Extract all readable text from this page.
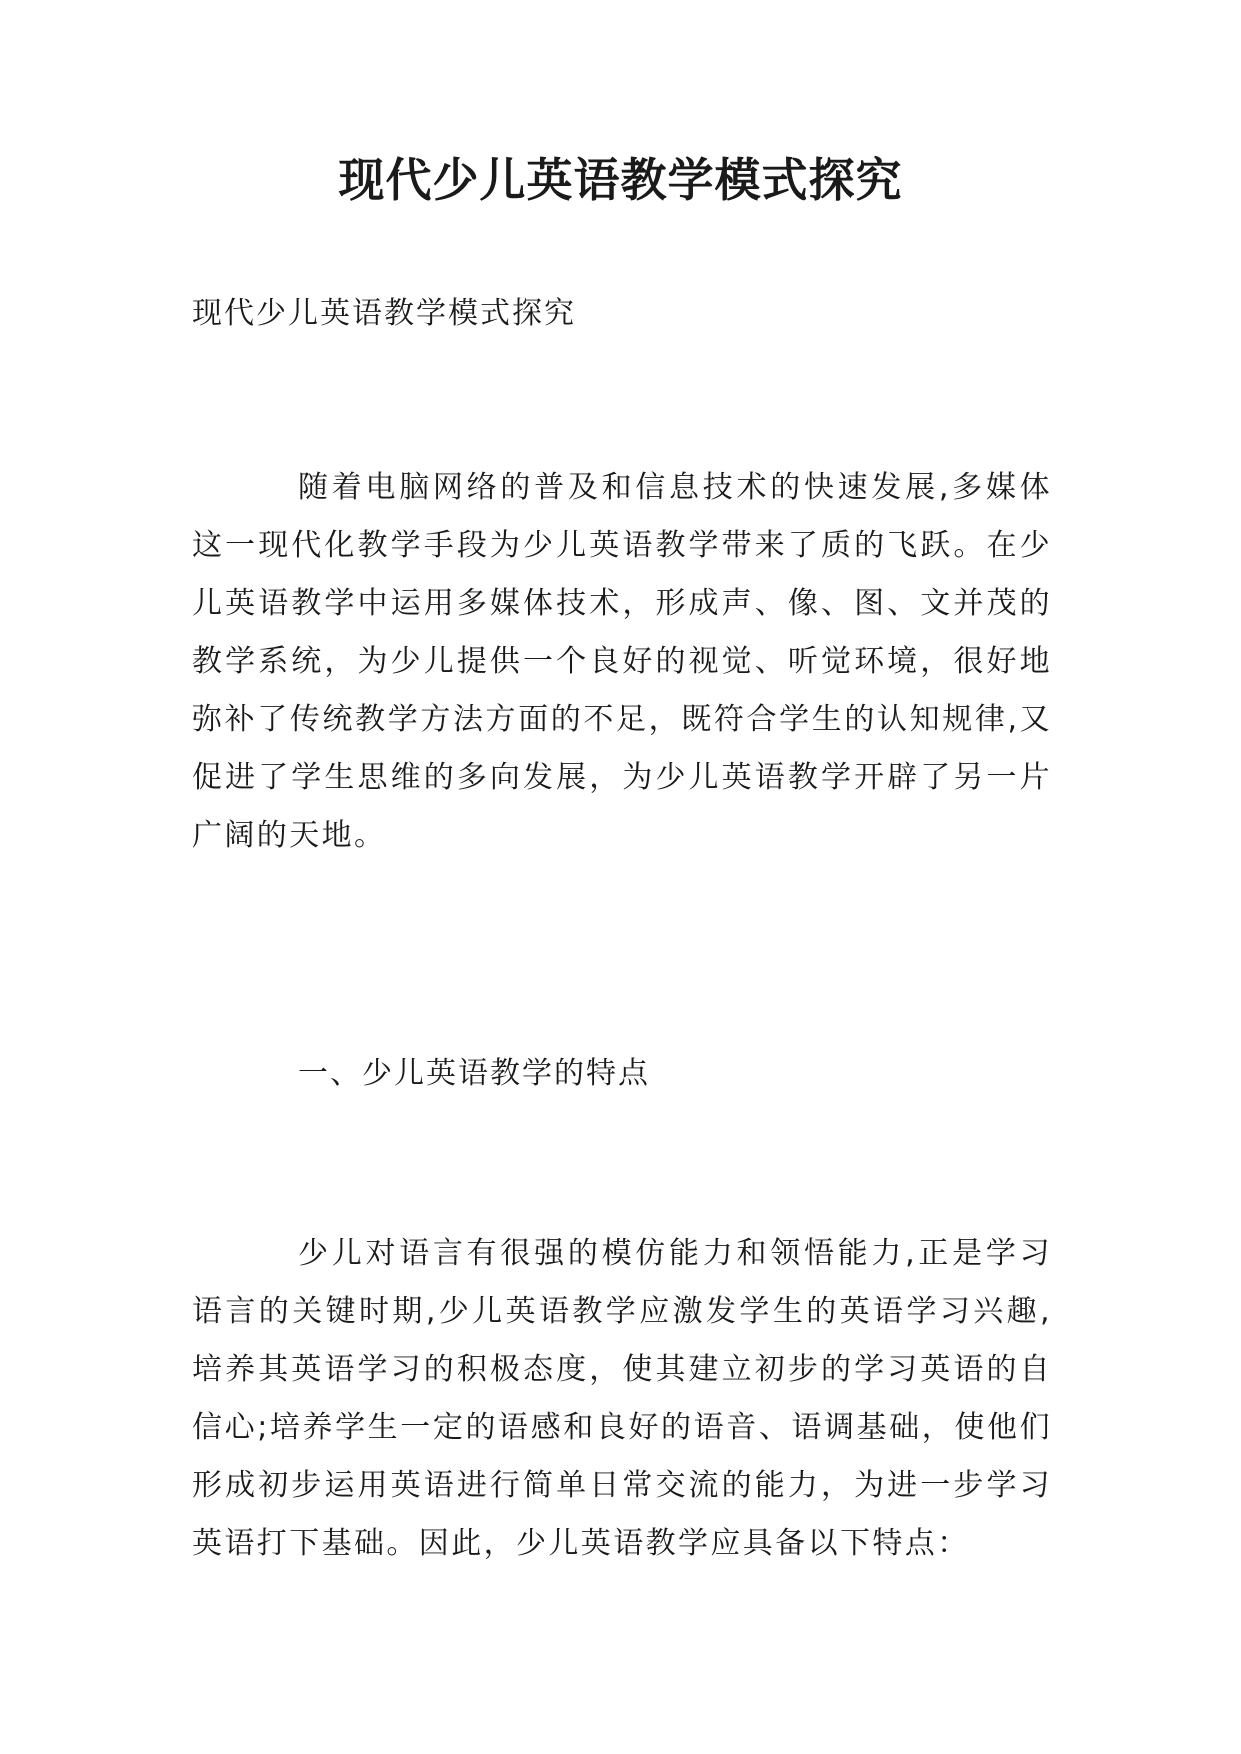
现代少儿英语教学模式探究

现代少儿英语教学模式探究

随着电脑网络的普及和信息技术的快速发展,多媒体这一现代化教学手段为少儿英语教学带来了质的飞跃。在少儿英语教学中运用多媒体技术，形成声、像、图、文并茂的教学系统，为少儿提供一个良好的视觉、听觉环境，很好地弥补了传统教学方法方面的不足，既符合学生的认知规律,又促进了学生思维的多向发展，为少儿英语教学开辟了另一片广阔的天地。

一、少儿英语教学的特点

少儿对语言有很强的模仿能力和领悟能力,正是学习语言的关键时期,少儿英语教学应激发学生的英语学习兴趣,培养其英语学习的积极态度，使其建立初步的学习英语的自信心;培养学生一定的语感和良好的语音、语调基础，使他们形成初步运用英语进行简单日常交流的能力，为进一步学习英语打下基础。因此，少儿英语教学应具备以下特点：
